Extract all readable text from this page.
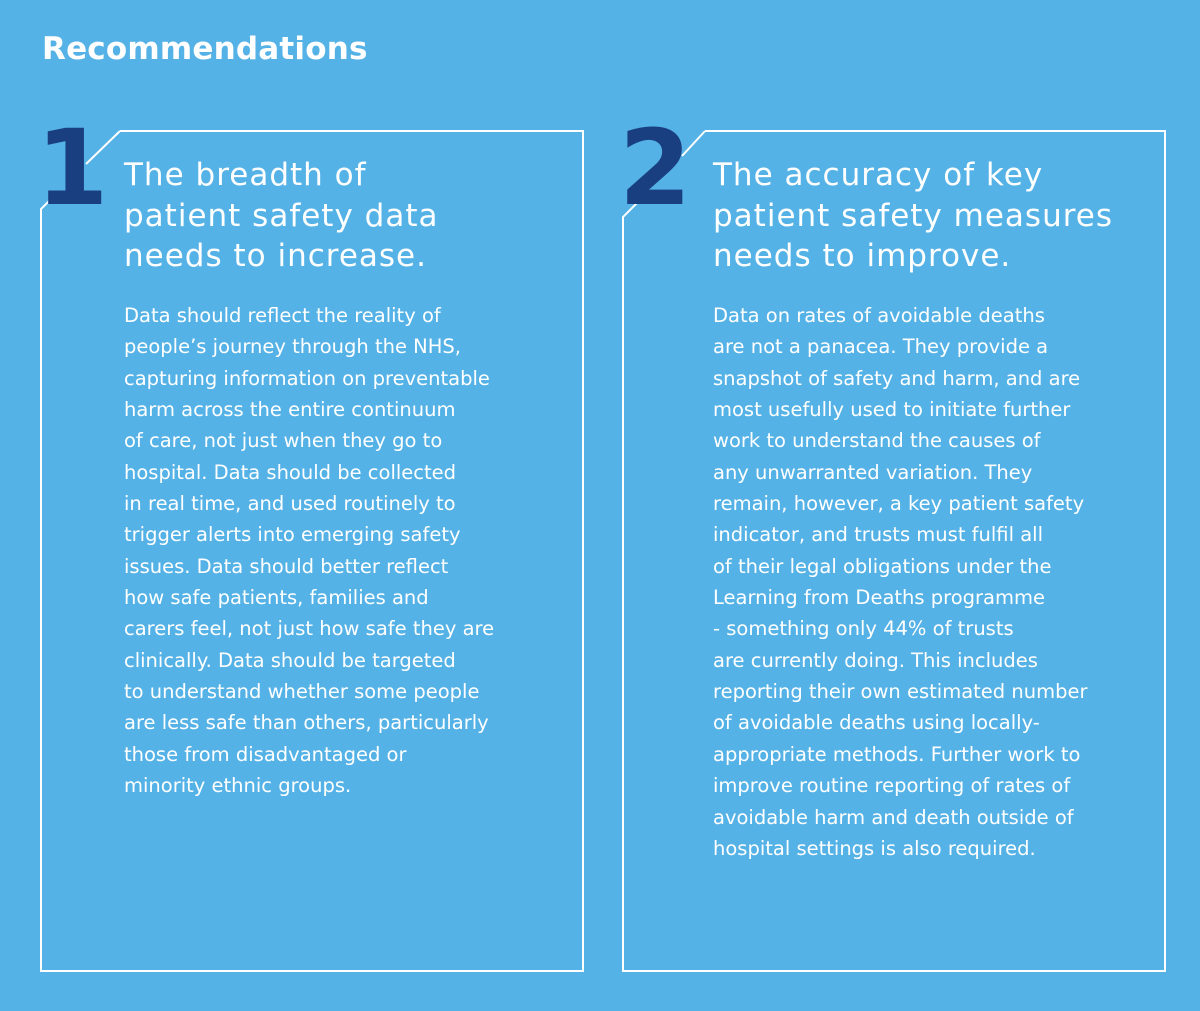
Recommendations
1 The breadth of
patient safety data
needs to increase.
Data should reflect the reality of
people’s journey through the NHS,
capturing information on preventable
harm across the entire continuum
of care, not just when they go to
hospital. Data should be collected
in real time, and used routinely to
trigger alerts into emerging safety
issues. Data should better reflect
how safe patients, families and
carers feel, not just how safe they are
clinically. Data should be targeted
to understand whether some people
are less safe than others, particularly
those from disadvantaged or
minority ethnic groups.
2 The accuracy of key
patient safety measures
needs to improve.
Data on rates of avoidable deaths
are not a panacea. They provide a
snapshot of safety and harm, and are
most usefully used to initiate further
work to understand the causes of
any unwarranted variation. They
remain, however, a key patient safety
indicator, and trusts must fulfil all
of their legal obligations under the
Learning from Deaths programme
- something only 44% of trusts
are currently doing. This includes
reporting their own estimated number
of avoidable deaths using locally-
appropriate methods. Further work to
improve routine reporting of rates of
avoidable harm and death outside of
hospital settings is also required.
